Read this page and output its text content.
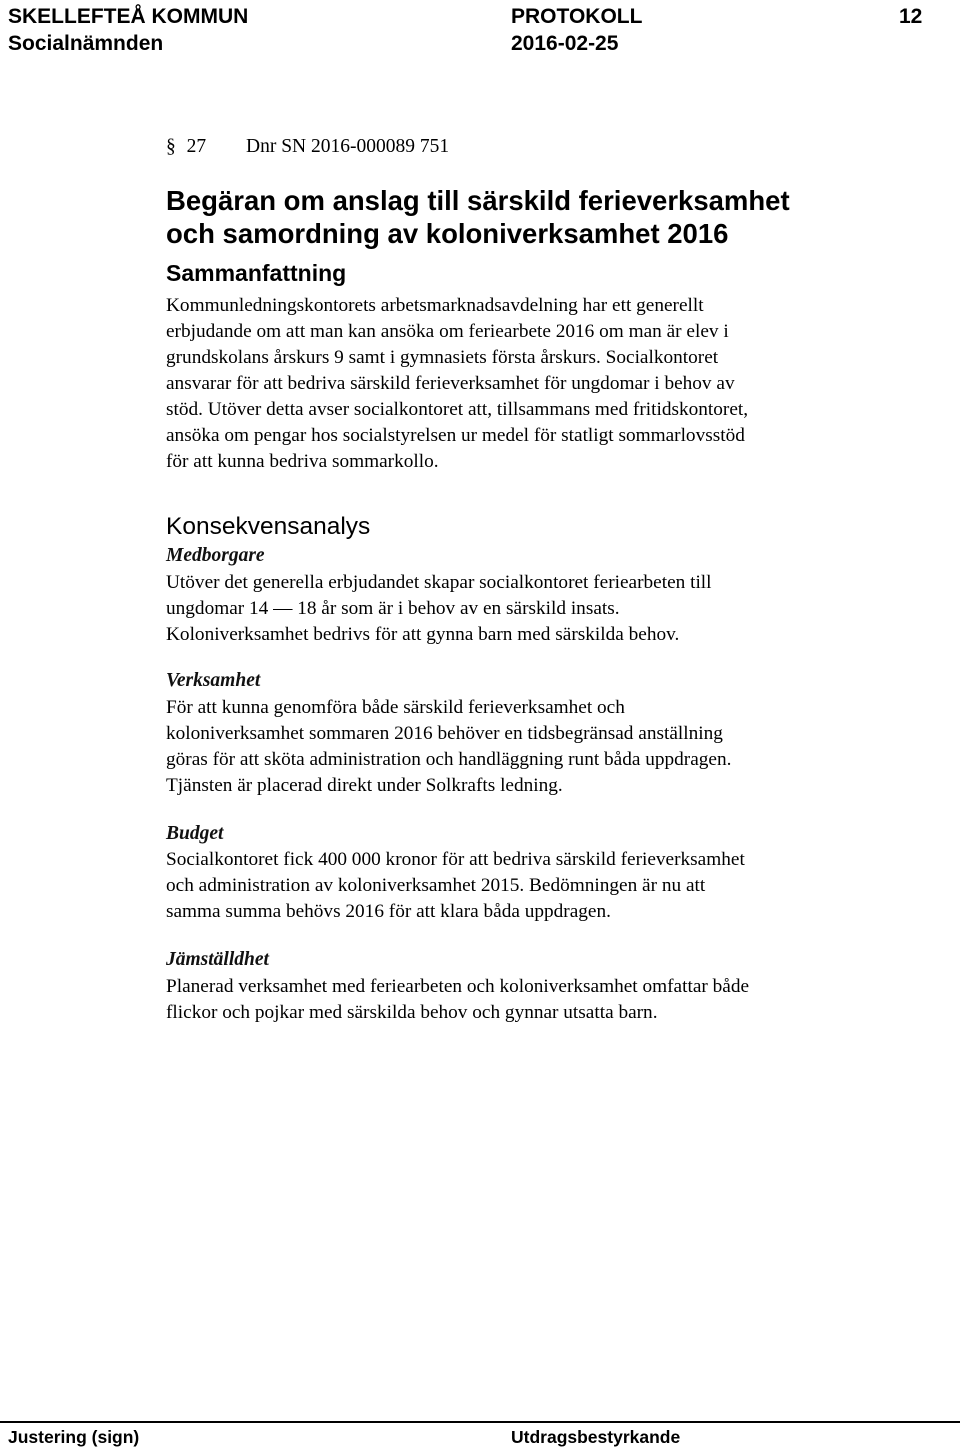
SKELLEFTEÅ KOMMUN	PROTOKOLL	12
Socialnämnden	2016-02-25
§ 27 Dnr SN 2016-000089 751
Begäran om anslag till särskild ferieverksamhet
och samordning av koloniverksamhet 2016
Sammanfattning
Kommunledningskontorets arbetsmarknadsavdelning har ett generellt
erbjudande om att man kan ansöka om feriearbete 2016 om man är elev i
grundskolans årskurs 9 samt i gymnasiets första årskurs. Socialkontoret
ansvarar för att bedriva särskild ferieverksamhet för ungdomar i behov av
stöd. Utöver detta avser socialkontoret att, tillsammans med fritidskontoret,
ansöka om pengar hos socialstyrelsen ur medel för statligt sommarlovsstöd
för att kunna bedriva sommarkollo.
Konsekvensanalys
Medborgare
Utöver det generella erbjudandet skapar socialkontoret feriearbeten till
ungdomar 14 — 18 år som är i behov av en särskild insats.
Koloniverksamhet bedrivs för att gynna barn med särskilda behov.
Verksamhet
För att kunna genomföra både särskild ferieverksamhet och
koloniverksamhet sommaren 2016 behöver en tidsbegränsad anställning
göras för att sköta administration och handläggning runt båda uppdragen.
Tjänsten är placerad direkt under Solkrafts ledning.
Budget
Socialkontoret fick 400 000 kronor för att bedriva särskild ferieverksamhet
och administration av koloniverksamhet 2015. Bedömningen är nu att
samma summa behövs 2016 för att klara båda uppdragen.
Jämställdhet
Planerad verksamhet med feriearbeten och koloniverksamhet omfattar både
flickor och pojkar med särskilda behov och gynnar utsatta barn.
Justering (sign)	Utdragsbestyrkande
